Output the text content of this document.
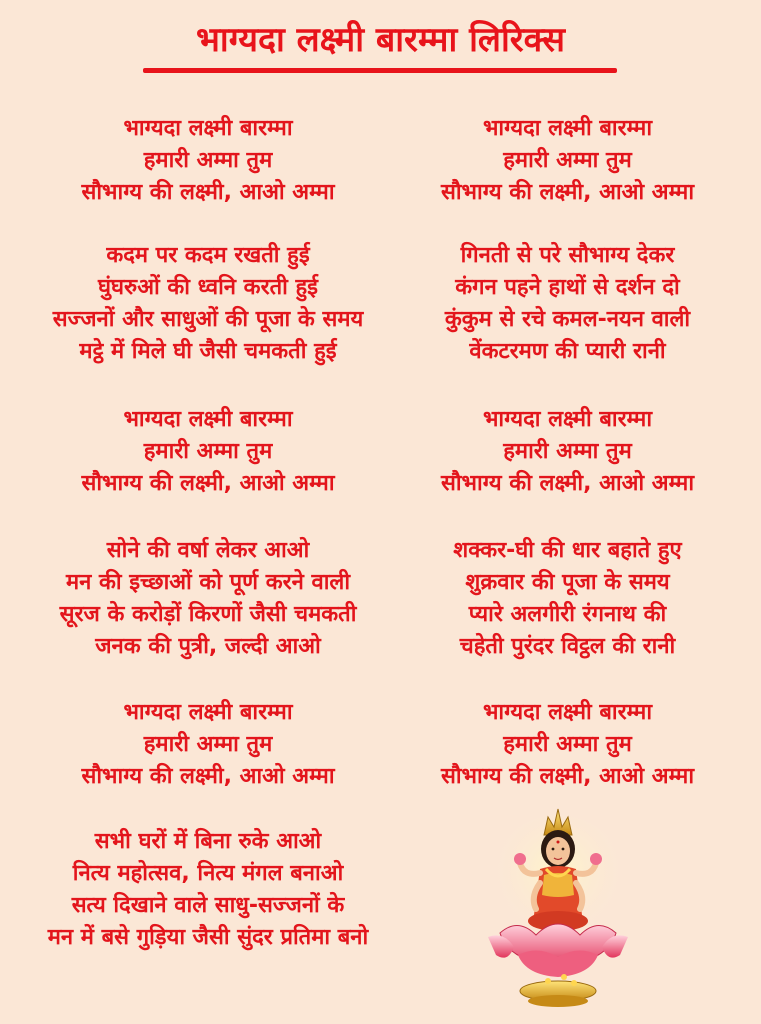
भाग्यदा लक्ष्मी बारम्मा लिरिक्स
भाग्यदा लक्ष्मी बारम्मा
हमारी अम्मा तुम
सौभाग्य की लक्ष्मी, आओ अम्मा
भाग्यदा लक्ष्मी बारम्मा
हमारी अम्मा तुम
सौभाग्य की लक्ष्मी, आओ अम्मा
कदम पर कदम रखती हुई
घुंघरुओं की ध्वनि करती हुई
सज्जनों और साधुओं की पूजा के समय
मट्ठे में मिले घी जैसी चमकती हुई
गिनती से परे सौभाग्य देकर
कंगन पहने हाथों से दर्शन दो
कुंकुम से रचे कमल-नयन वाली
वेंकटरमण की प्यारी रानी
भाग्यदा लक्ष्मी बारम्मा
हमारी अम्मा तुम
सौभाग्य की लक्ष्मी, आओ अम्मा
भाग्यदा लक्ष्मी बारम्मा
हमारी अम्मा तुम
सौभाग्य की लक्ष्मी, आओ अम्मा
सोने की वर्षा लेकर आओ
मन की इच्छाओं को पूर्ण करने वाली
सूरज के करोड़ों किरणों जैसी चमकती
जनक की पुत्री, जल्दी आओ
शक्कर-घी की धार बहाते हुए
शुक्रवार की पूजा के समय
प्यारे अलगीरी रंगनाथ की
चहेती पुरंदर विट्ठल की रानी
भाग्यदा लक्ष्मी बारम्मा
हमारी अम्मा तुम
सौभाग्य की लक्ष्मी, आओ अम्मा
भाग्यदा लक्ष्मी बारम्मा
हमारी अम्मा तुम
सौभाग्य की लक्ष्मी, आओ अम्मा
सभी घरों में बिना रुके आओ
नित्य महोत्सव, नित्य मंगल बनाओ
सत्य दिखाने वाले साधु-सज्जनों के
मन में बसे गुड़िया जैसी सुंदर प्रतिमा बनो
